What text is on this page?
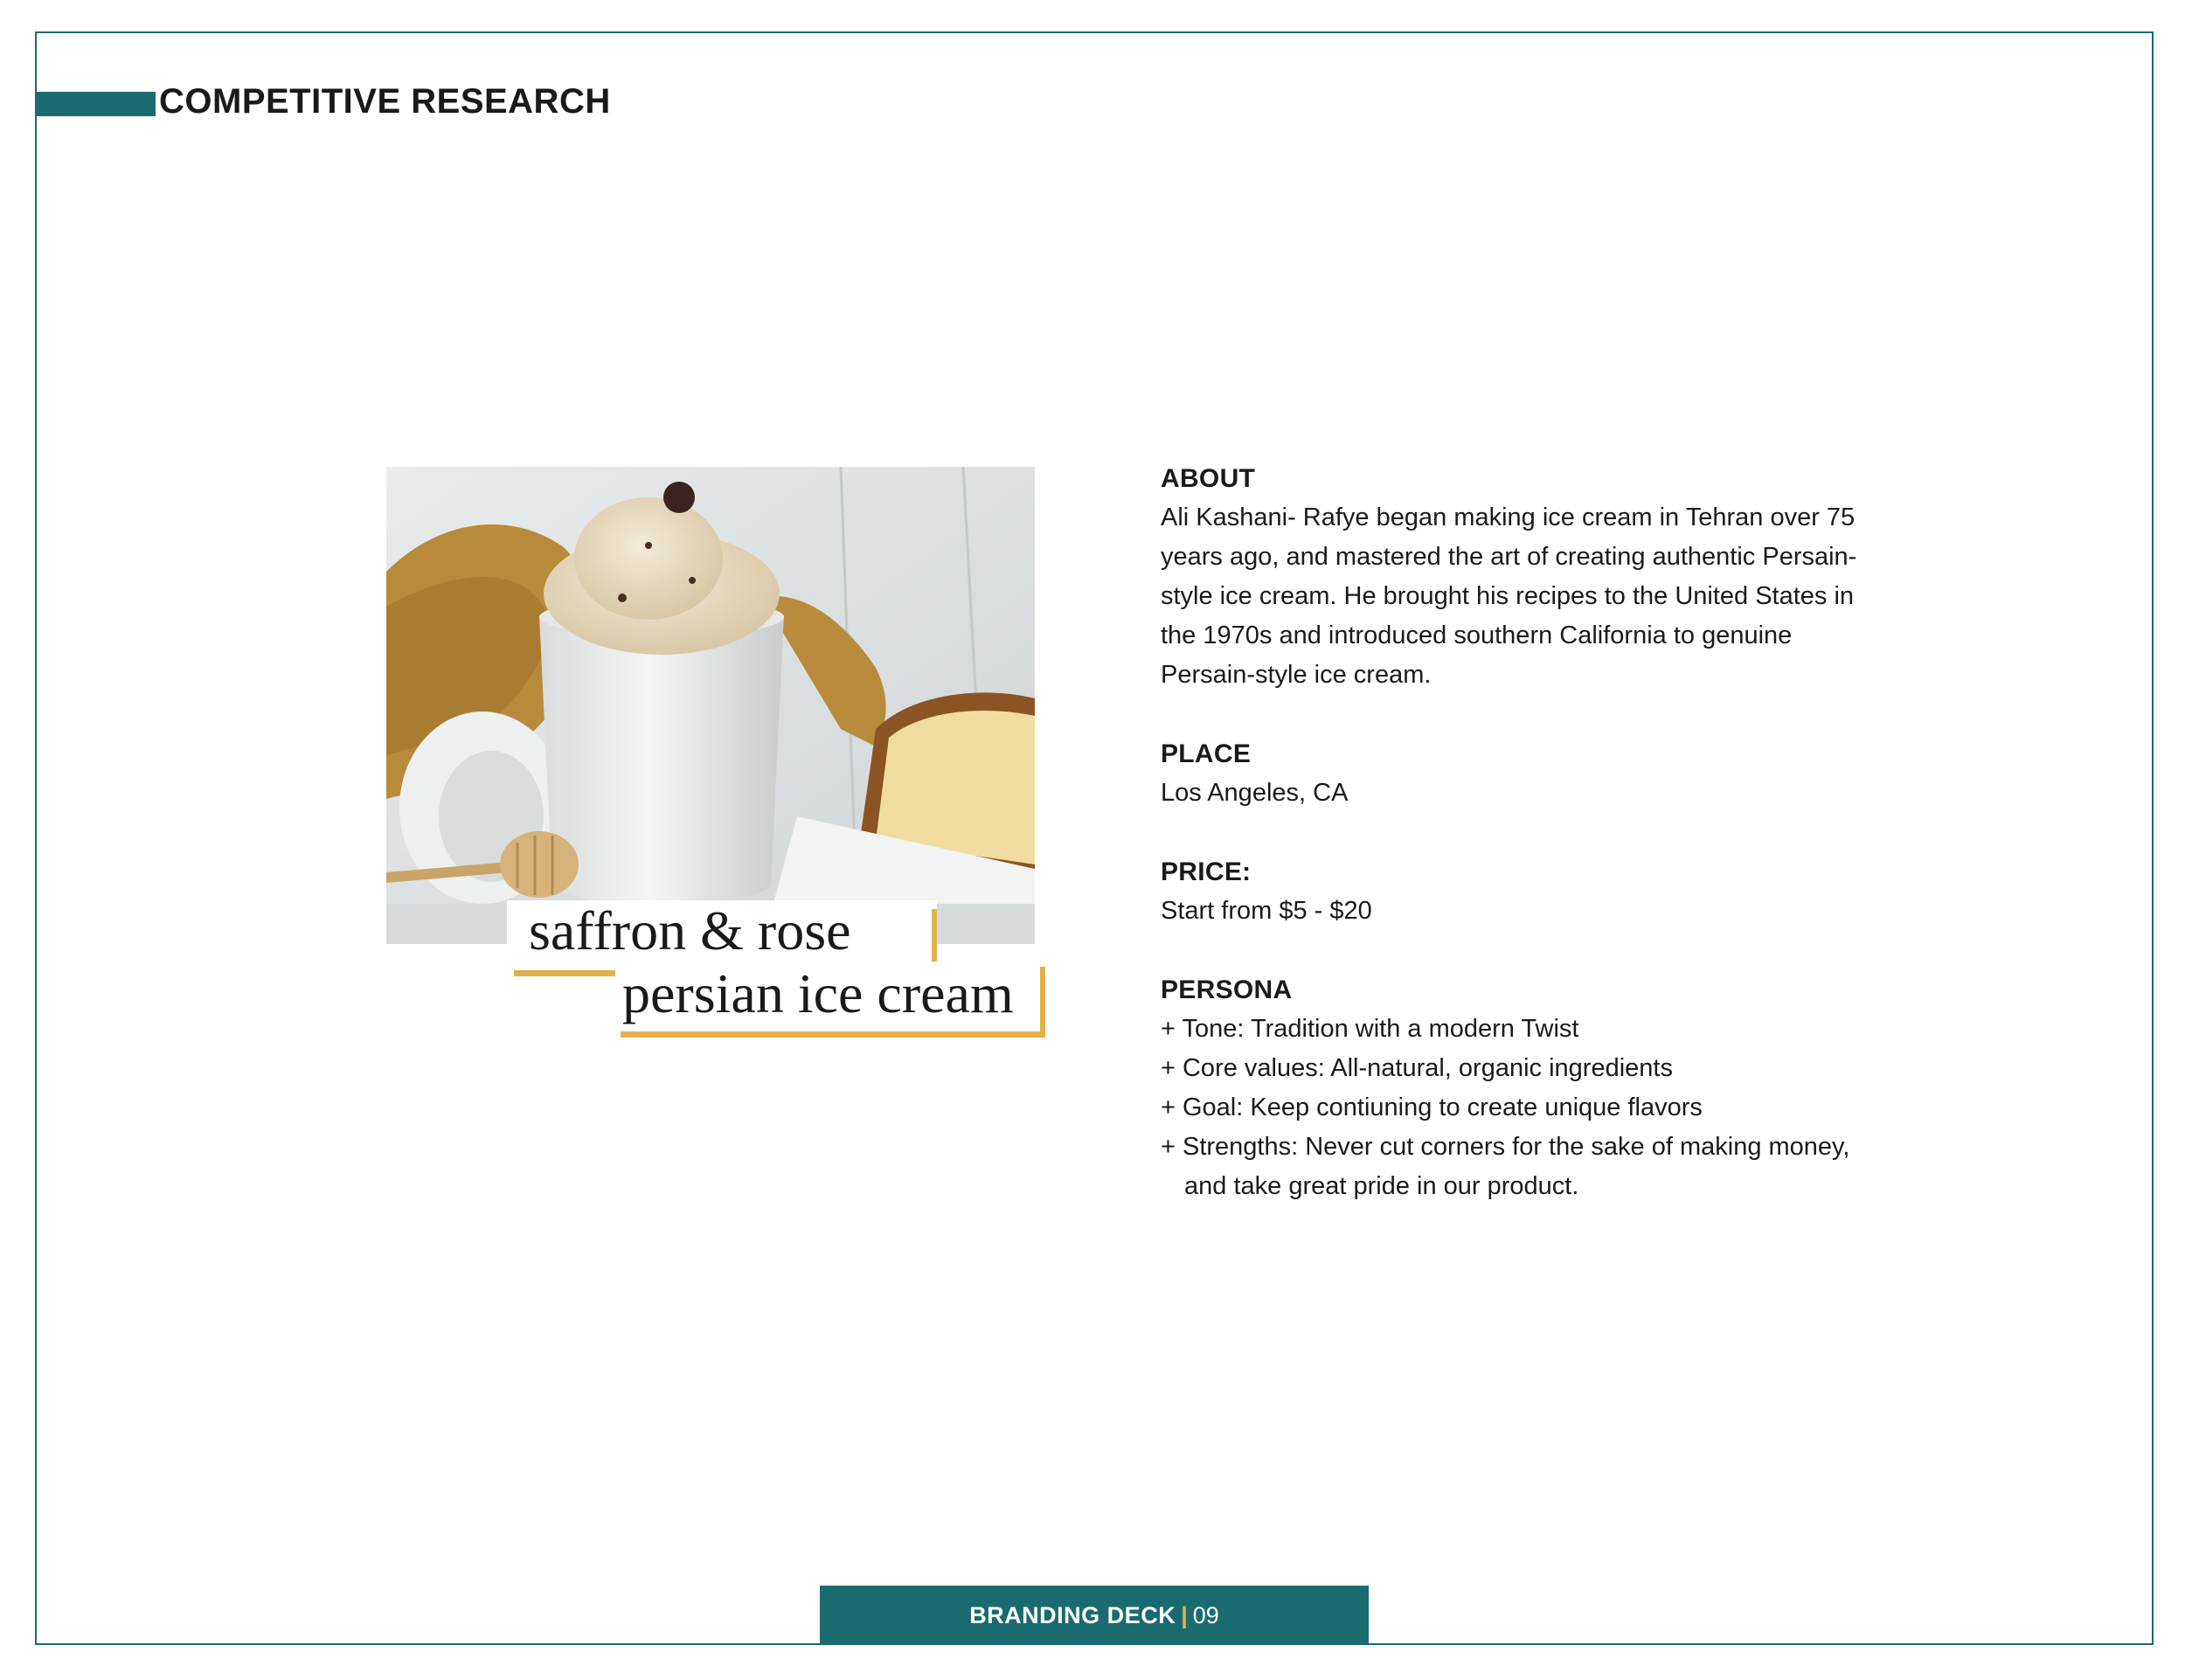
COMPETITIVE RESEARCH
saffron & rose
persian ice cream
ABOUT
Ali Kashani- Rafye began making ice cream in Tehran over 75 years ago, and mastered the art of creating authentic Persain-style ice cream. He brought his recipes to the United States in the 1970s and introduced southern California to genuine Persain-style ice cream.
PLACE
Los Angeles, CA
PRICE:
Start from $5 - $20
PERSONA
+ Tone: Tradition with a modern Twist
+ Core values: All-natural, organic ingredients
+ Goal: Keep contiuning to create unique flavors
+ Strengths: Never cut corners for the sake of making money, and take great pride in our product.
BRANDING DECK | 09
